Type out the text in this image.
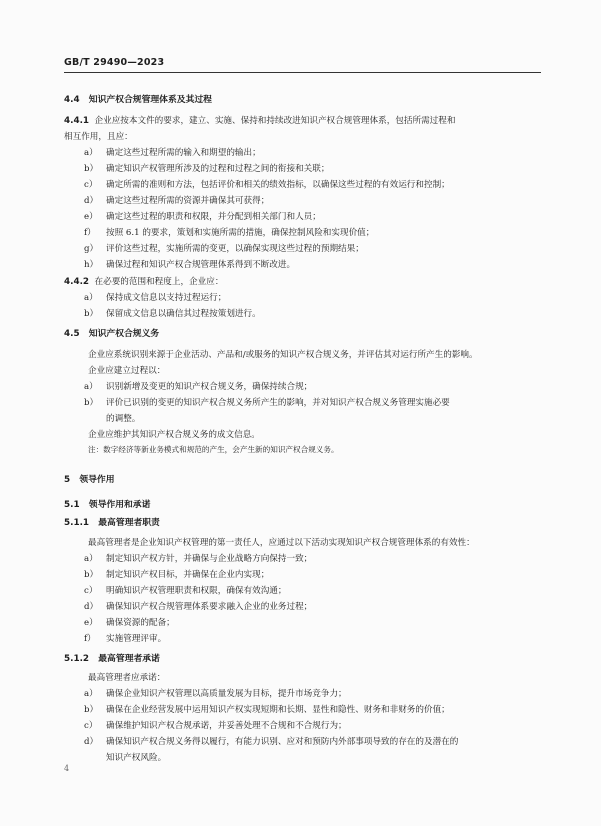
GB/T 29490—2023
4.4 知识产权合规管理体系及其过程
4.4.1 企业应按本文件的要求，建立、实施、保持和持续改进知识产权合规管理体系，包括所需过程和
相互作用，且应：
a） 确定这些过程所需的输入和期望的输出；
b） 确定知识产权管理所涉及的过程和过程之间的衔接和关联；
c） 确定所需的准则和方法，包括评价和相关的绩效指标，以确保这些过程的有效运行和控制；
d） 确定这些过程所需的资源并确保其可获得；
e） 确定这些过程的职责和权限，并分配到相关部门和人员；
f） 按照 6.1 的要求，策划和实施所需的措施，确保控制风险和实现价值；
g） 评价这些过程，实施所需的变更，以确保实现这些过程的预期结果；
h） 确保过程和知识产权合规管理体系得到不断改进。
4.4.2 在必要的范围和程度上，企业应：
a） 保持成文信息以支持过程运行；
b） 保留成文信息以确信其过程按策划进行。
4.5 知识产权合规义务
企业应系统识别来源于企业活动、产品和/或服务的知识产权合规义务，并评估其对运行所产生的影响。
企业应建立过程以：
a） 识别新增及变更的知识产权合规义务，确保持续合规；
b） 评价已识别的变更的知识产权合规义务所产生的影响，并对知识产权合规义务管理实施必要
的调整。
企业应维护其知识产权合规义务的成文信息。
注：数字经济等新业务模式和规范的产生，会产生新的知识产权合规义务。
5 领导作用
5.1 领导作用和承诺
5.1.1 最高管理者职责
最高管理者是企业知识产权管理的第一责任人，应通过以下活动实现知识产权合规管理体系的有效性：
a） 制定知识产权方针，并确保与企业战略方向保持一致；
b） 制定知识产权目标，并确保在企业内实现；
c） 明确知识产权管理职责和权限，确保有效沟通；
d） 确保知识产权合规管理体系要求融入企业的业务过程；
e） 确保资源的配备；
f） 实施管理评审。
5.1.2 最高管理者承诺
最高管理者应承诺：
a） 确保企业知识产权管理以高质量发展为目标，提升市场竞争力；
b） 确保在企业经营发展中运用知识产权实现短期和长期、显性和隐性、财务和非财务的价值；
c） 确保维护知识产权合规承诺，并妥善处理不合规和不合规行为；
d） 确保知识产权合规义务得以履行，有能力识别、应对和预防内外部事项导致的存在的及潜在的
知识产权风险。
4
